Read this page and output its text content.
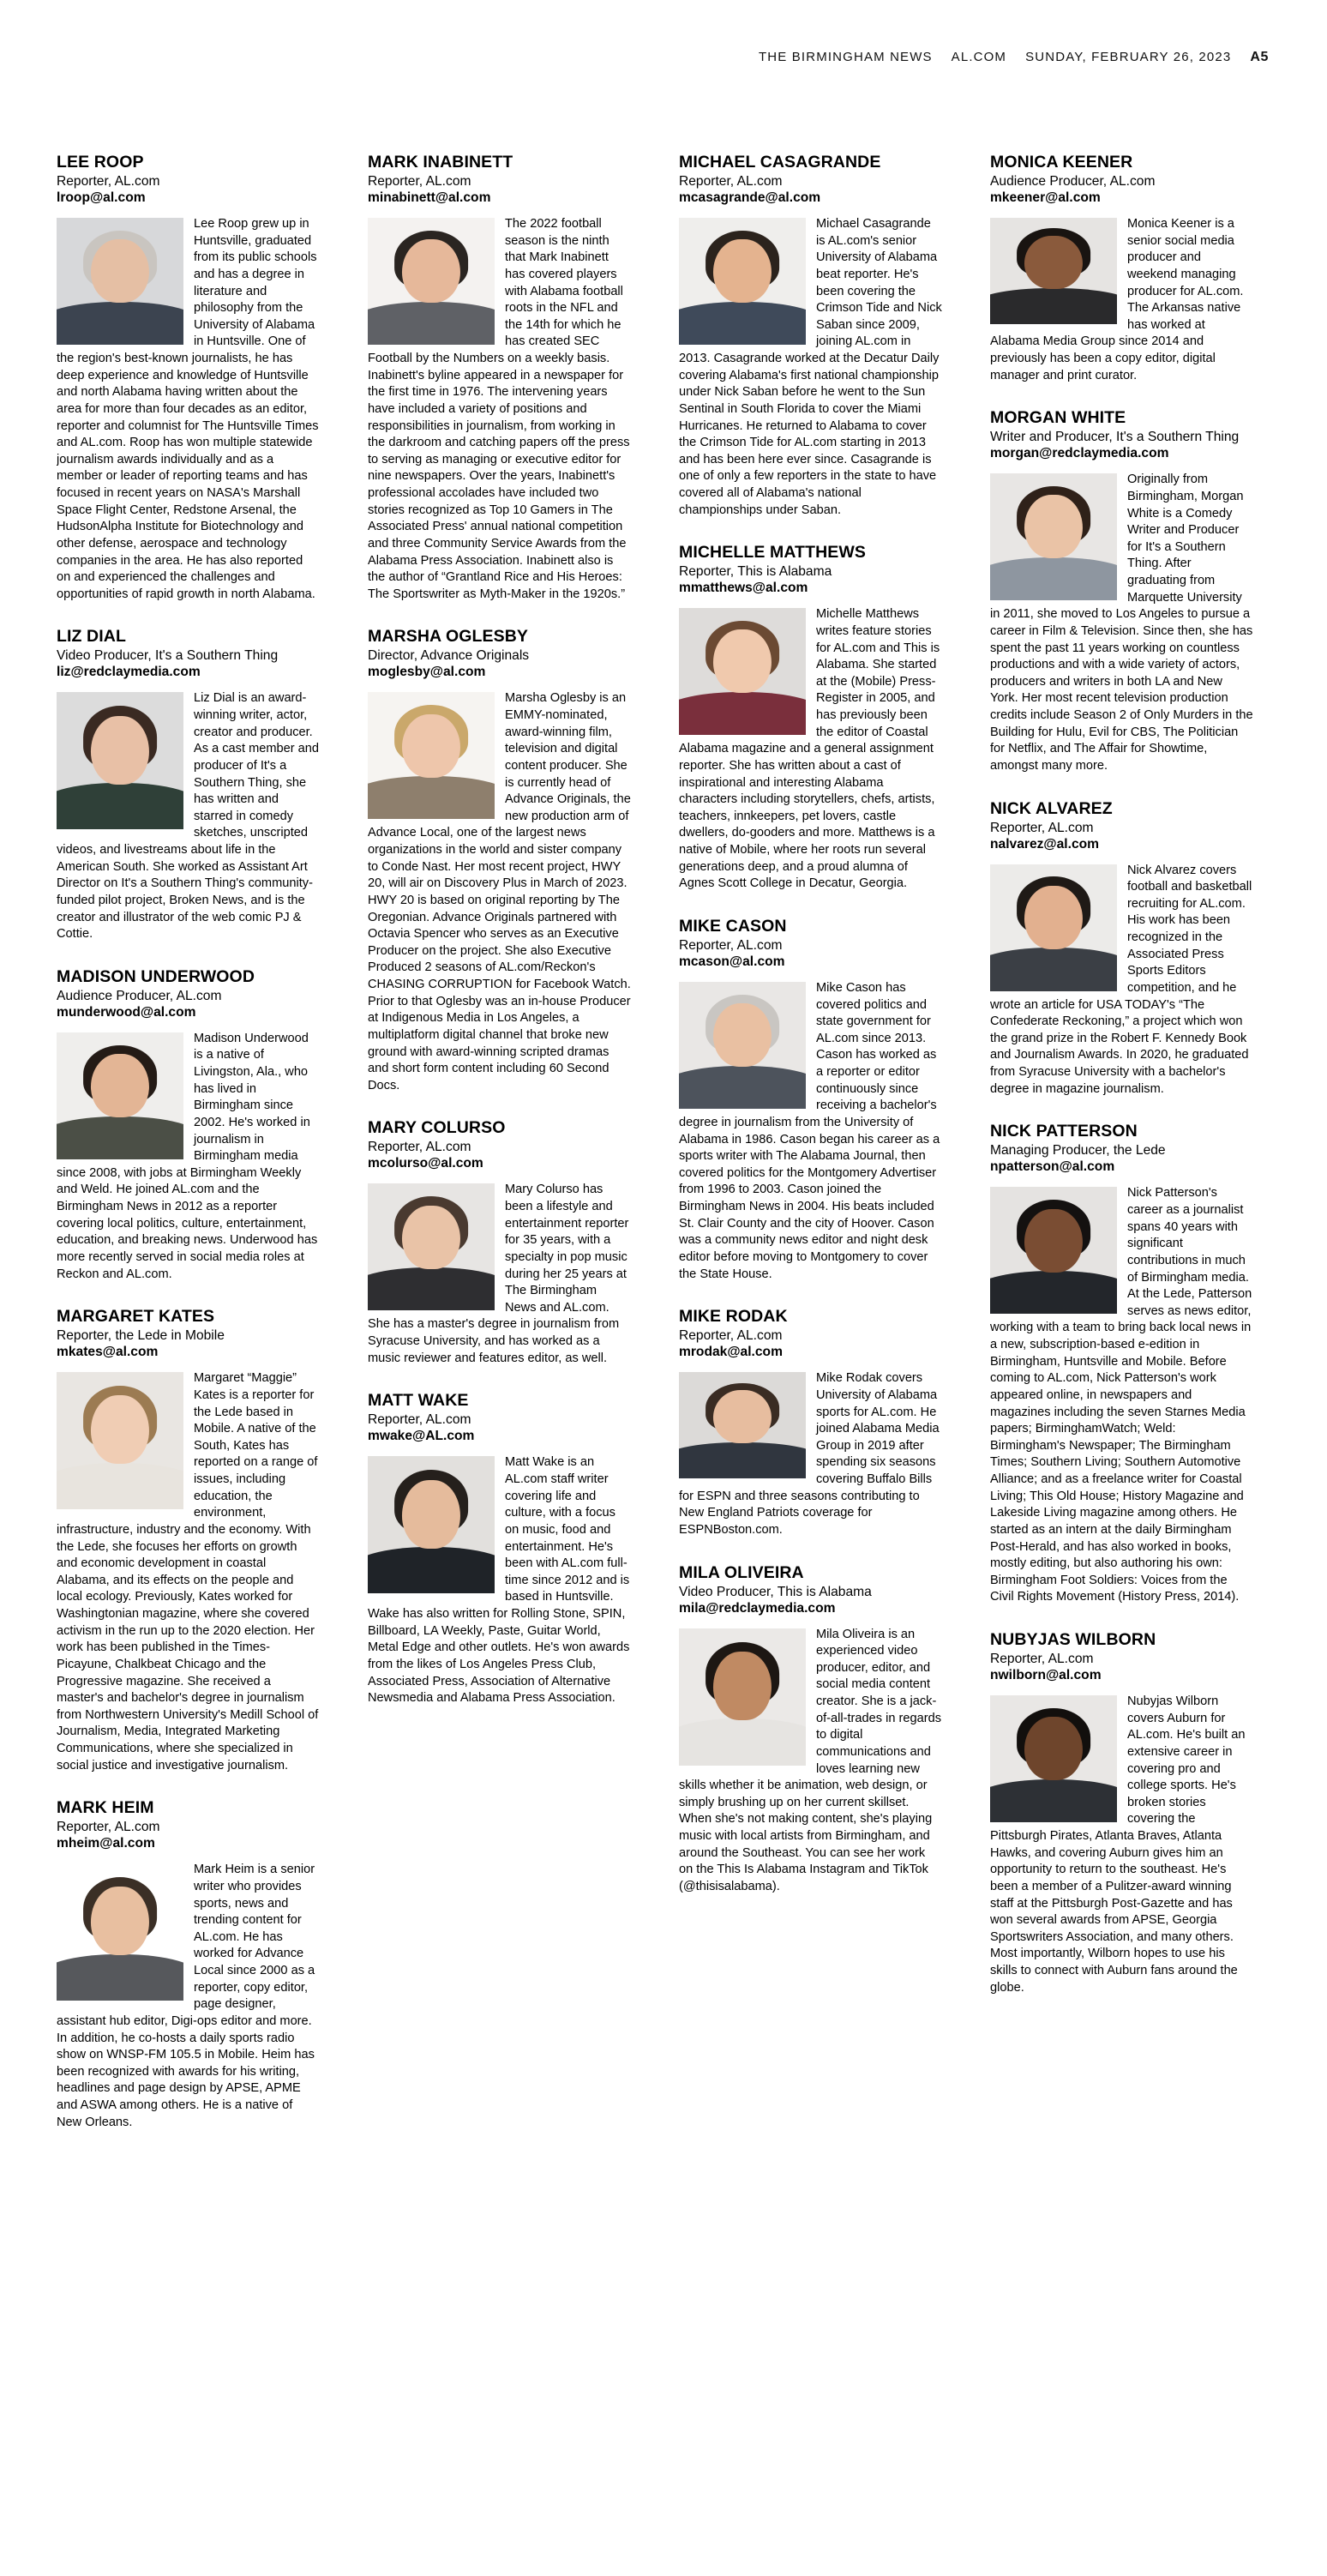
THE BIRMINGHAM NEWS AL.COM SUNDAY, FEBRUARY 26, 2023 A5
LEE ROOP
Reporter, AL.com
lroop@al.com

Lee Roop grew up in Huntsville, graduated from its public schools and has a degree in literature and philosophy from the University of Alabama in Huntsville. One of the region's best-known journalists, he has deep experience and knowledge of Huntsville and north Alabama having written about the area for more than four decades as an editor, reporter and columnist for The Huntsville Times and AL.com. Roop has won multiple statewide journalism awards individually and as a member or leader of reporting teams and has focused in recent years on NASA's Marshall Space Flight Center, Redstone Arsenal, the HudsonAlpha Institute for Biotechnology and other defense, aerospace and technology companies in the area. He has also reported on and experienced the challenges and opportunities of rapid growth in north Alabama.

LIZ DIAL
Video Producer, It's a Southern Thing
liz@redclaymedia.com

Liz Dial is an award-winning writer, actor, creator and producer. As a cast member and producer of It's a Southern Thing, she has written and starred in comedy sketches, unscripted videos, and livestreams about life in the American South. She worked as Assistant Art Director on It's a Southern Thing's community-funded pilot project, Broken News, and is the creator and illustrator of the web comic PJ & Cottie.

MADISON UNDERWOOD
Audience Producer, AL.com
munderwood@al.com

Madison Underwood is a native of Livingston, Ala., who has lived in Birmingham since 2002. He's worked in journalism in Birmingham media since 2008, with jobs at Birmingham Weekly and Weld. He joined AL.com and the Birmingham News in 2012 as a reporter covering local politics, culture, entertainment, education, and breaking news. Underwood has more recently served in social media roles at Reckon and AL.com.

MARGARET KATES
Reporter, the Lede in Mobile
mkates@al.com

Margaret “Maggie” Kates is a reporter for the Lede based in Mobile. A native of the South, Kates has reported on a range of issues, including education, the environment, infrastructure, industry and the economy. With the Lede, she focuses her efforts on growth and economic development in coastal Alabama, and its effects on the people and local ecology. Previously, Kates worked for Washingtonian magazine, where she covered activism in the run up to the 2020 election. Her work has been published in the Times-Picayune, Chalkbeat Chicago and the Progressive magazine. She received a master's and bachelor's degree in journalism from Northwestern University's Medill School of Journalism, Media, Integrated Marketing Communications, where she specialized in social justice and investigative journalism.

MARK HEIM
Reporter, AL.com
mheim@al.com

Mark Heim is a senior writer who provides sports, news and trending content for AL.com. He has worked for Advance Local since 2000 as a reporter, copy editor, page designer, assistant hub editor, Digi-ops editor and more. In addition, he co-hosts a daily sports radio show on WNSP-FM 105.5 in Mobile. Heim has been recognized with awards for his writing, headlines and page design by APSE, APME and ASWA among others. He is a native of New Orleans.

MARK INABINETT
Reporter, AL.com
minabinett@al.com

The 2022 football season is the ninth that Mark Inabinett has covered players with Alabama football roots in the NFL and the 14th for which he has created SEC Football by the Numbers on a weekly basis. Inabinett's byline appeared in a newspaper for the first time in 1976. The intervening years have included a variety of positions and responsibilities in journalism, from working in the darkroom and catching papers off the press to serving as managing or executive editor for nine newspapers. Over the years, Inabinett's professional accolades have included two stories recognized as Top 10 Gamers in The Associated Press' annual national competition and three Community Service Awards from the Alabama Press Association. Inabinett also is the author of “Grantland Rice and His Heroes: The Sportswriter as Myth-Maker in the 1920s.”

MARSHA OGLESBY
Director, Advance Originals
moglesby@al.com

Marsha Oglesby is an EMMY-nominated, award-winning film, television and digital content producer. She is currently head of Advance Originals, the new production arm of Advance Local, one of the largest news organizations in the world and sister company to Conde Nast. Her most recent project, HWY 20, will air on Discovery Plus in March of 2023. HWY 20 is based on original reporting by The Oregonian. Advance Originals partnered with Octavia Spencer who serves as an Executive Producer on the project. She also Executive Produced 2 seasons of AL.com/Reckon's CHASING CORRUPTION for Facebook Watch. Prior to that Oglesby was an in-house Producer at Indigenous Media in Los Angeles, a multiplatform digital channel that broke new ground with award-winning scripted dramas and short form content including 60 Second Docs.

MARY COLURSO
Reporter, AL.com
mcolurso@al.com

Mary Colurso has been a lifestyle and entertainment reporter for 35 years, with a specialty in pop music during her 25 years at The Birmingham News and AL.com. She has a master's degree in journalism from Syracuse University, and has worked as a music reviewer and features editor, as well.

MATT WAKE
Reporter, AL.com
mwake@AL.com

Matt Wake is an AL.com staff writer covering life and culture, with a focus on music, food and entertainment. He's been with AL.com full-time since 2012 and is based in Huntsville. Wake has also written for Rolling Stone, SPIN, Billboard, LA Weekly, Paste, Guitar World, Metal Edge and other outlets. He's won awards from the likes of Los Angeles Press Club, Associated Press, Association of Alternative Newsmedia and Alabama Press Association.

MICHAEL CASAGRANDE
Reporter, AL.com
mcasagrande@al.com

Michael Casagrande is AL.com's senior University of Alabama beat reporter. He's been covering the Crimson Tide and Nick Saban since 2009, joining AL.com in 2013. Casagrande worked at the Decatur Daily covering Alabama's first national championship under Nick Saban before he went to the Sun Sentinal in South Florida to cover the Miami Hurricanes. He returned to Alabama to cover the Crimson Tide for AL.com starting in 2013 and has been here ever since. Casagrande is one of only a few reporters in the state to have covered all of Alabama's national championships under Saban.

MICHELLE MATTHEWS
Reporter, This is Alabama
mmatthews@al.com

Michelle Matthews writes feature stories for AL.com and This is Alabama. She started at the (Mobile) Press-Register in 2005, and has previously been the editor of Coastal Alabama magazine and a general assignment reporter. She has written about a cast of inspirational and interesting Alabama characters including storytellers, chefs, artists, teachers, innkeepers, pet lovers, castle dwellers, do-gooders and more. Matthews is a native of Mobile, where her roots run several generations deep, and a proud alumna of Agnes Scott College in Decatur, Georgia.

MIKE CASON
Reporter, AL.com
mcason@al.com

Mike Cason has covered politics and state government for AL.com since 2013. Cason has worked as a reporter or editor continuously since receiving a bachelor's degree in journalism from the University of Alabama in 1986. Cason began his career as a sports writer with The Alabama Journal, then covered politics for the Montgomery Advertiser from 1996 to 2003. Cason joined the Birmingham News in 2004. His beats included St. Clair County and the city of Hoover. Cason was a community news editor and night desk editor before moving to Montgomery to cover the State House.

MIKE RODAK
Reporter, AL.com
mrodak@al.com

Mike Rodak covers University of Alabama sports for AL.com. He joined Alabama Media Group in 2019 after spending six seasons covering Buffalo Bills for ESPN and three seasons contributing to New England Patriots coverage for ESPNBoston.com.

MILA OLIVEIRA
Video Producer, This is Alabama
mila@redclaymedia.com

Mila Oliveira is an experienced video producer, editor, and social media content creator. She is a jack-of-all-trades in regards to digital communications and loves learning new skills whether it be animation, web design, or simply brushing up on her current skillset. When she's not making content, she's playing music with local artists from Birmingham, and around the Southeast. You can see her work on the This Is Alabama Instagram and TikTok (@thisisalabama).

MONICA KEENER
Audience Producer, AL.com
mkeener@al.com

Monica Keener is a senior social media producer and weekend managing producer for AL.com. The Arkansas native has worked at Alabama Media Group since 2014 and previously has been a copy editor, digital manager and print curator.

MORGAN WHITE
Writer and Producer, It's a Southern Thing
morgan@redclaymedia.com

Originally from Birmingham, Morgan White is a Comedy Writer and Producer for It's a Southern Thing. After graduating from Marquette University in 2011, she moved to Los Angeles to pursue a career in Film & Television. Since then, she has spent the past 11 years working on countless productions and with a wide variety of actors, producers and writers in both LA and New York. Her most recent television production credits include Season 2 of Only Murders in the Building for Hulu, Evil for CBS, The Politician for Netflix, and The Affair for Showtime, amongst many more.

NICK ALVAREZ
Reporter, AL.com
nalvarez@al.com

Nick Alvarez covers football and basketball recruiting for AL.com. His work has been recognized in the Associated Press Sports Editors competition, and he wrote an article for USA TODAY's “The Confederate Reckoning,” a project which won the grand prize in the Robert F. Kennedy Book and Journalism Awards. In 2020, he graduated from Syracuse University with a bachelor's degree in magazine journalism.

NICK PATTERSON
Managing Producer, the Lede
npatterson@al.com

Nick Patterson's career as a journalist spans 40 years with significant contributions in much of Birmingham media. At the Lede, Patterson serves as news editor, working with a team to bring back local news in a new, subscription-based e-edition in Birmingham, Huntsville and Mobile. Before coming to AL.com, Nick Patterson's work appeared online, in newspapers and magazines including the seven Starnes Media papers; BirminghamWatch; Weld: Birmingham's Newspaper; The Birmingham Times; Southern Living; Southern Automotive Alliance; and as a freelance writer for Coastal Living; This Old House; History Magazine and Lakeside Living magazine among others. He started as an intern at the daily Birmingham Post-Herald, and has also worked in books, mostly editing, but also authoring his own: Birmingham Foot Soldiers: Voices from the Civil Rights Movement (History Press, 2014).

NUBYJAS WILBORN
Reporter, AL.com
nwilborn@al.com

Nubyjas Wilborn covers Auburn for AL.com. He's built an extensive career in covering pro and college sports. He's broken stories covering the Pittsburgh Pirates, Atlanta Braves, Atlanta Hawks, and covering Auburn gives him an opportunity to return to the southeast. He's been a member of a Pulitzer-award winning staff at the Pittsburgh Post-Gazette and has won several awards from APSE, Georgia Sportswriters Association, and many others. Most importantly, Wilborn hopes to use his skills to connect with Auburn fans around the globe.
